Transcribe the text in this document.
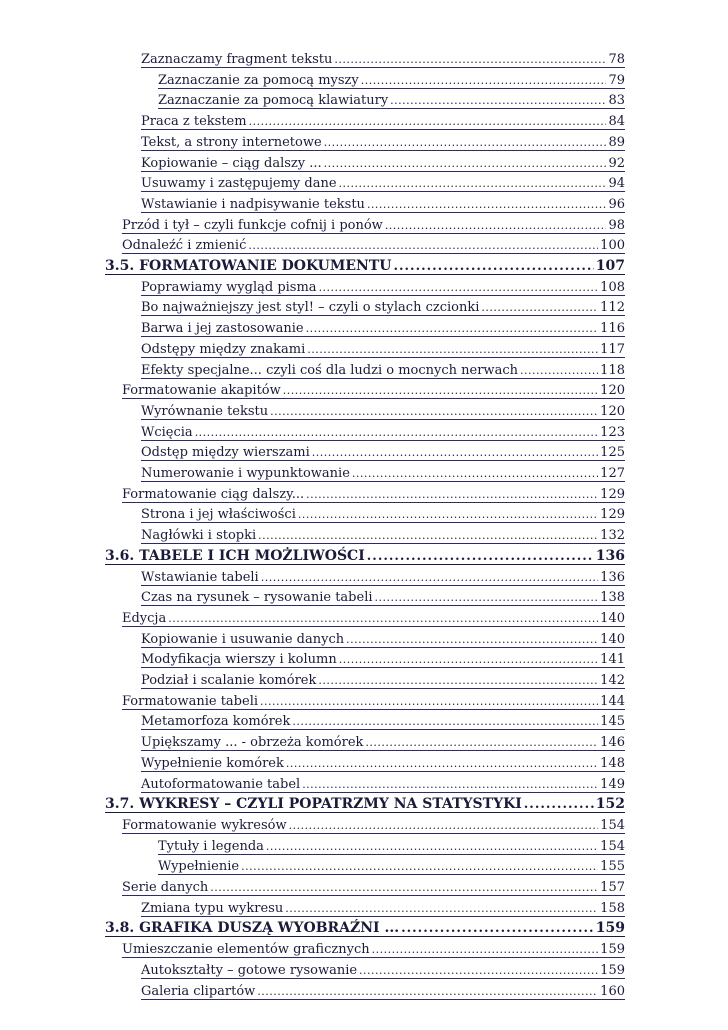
Zaznaczamy fragment tekstu .....	78
Zaznaczanie za pomocą myszy .....	79
Zaznaczanie za pomocą klawiatury .....	83
Praca z tekstem .....	84
Tekst, a strony internetowe .....	89
Kopiowanie – ciąg dalszy ... .....	92
Usuwamy i zastępujemy dane .....	94
Wstawianie i nadpisywanie tekstu .....	96
Przód i tył – czyli funkcje cofnij i ponów .....	98
Odnaleźć i zmienić .....	100
3.5. FORMATOWANIE DOKUMENTU .....	107
Poprawiamy wygląd pisma .....	108
Bo najważniejszy jest styl! – czyli o stylach czcionki .....	112
Barwa i jej zastosowanie .....	116
Odstępy między znakami .....	117
Efekty specjalne... czyli coś dla ludzi o mocnych nerwach .....	118
Formatowanie akapitów .....	120
Wyrównanie tekstu .....	120
Wcięcia .....	123
Odstęp między wierszami .....	125
Numerowanie i wypunktowanie .....	127
Formatowanie ciąg dalszy... .....	129
Strona i jej właściwości .....	129
Nagłówki i stopki .....	132
3.6. TABELE I ICH MOŻLIWOŚCI .....	136
Wstawianie tabeli .....	136
Czas na rysunek – rysowanie tabeli .....	138
Edycja .....	140
Kopiowanie i usuwanie danych .....	140
Modyfikacja wierszy i kolumn .....	141
Podział i scalanie komórek .....	142
Formatowanie tabeli .....	144
Metamorfoza komórek .....	145
Upiększamy ... - obrzeża komórek .....	146
Wypełnienie komórek .....	148
Autoformatowanie tabel .....	149
3.7. WYKRESY – CZYLI POPATRZMY NA STATYSTYKI .....	152
Formatowanie wykresów .....	154
Tytuły i legenda .....	154
Wypełnienie .....	155
Serie danych .....	157
Zmiana typu wykresu .....	158
3.8. GRAFIKA DUSZĄ WYOBRAŹNI ... .....	159
Umieszczanie elementów graficznych .....	159
Autokształty – gotowe rysowanie .....	159
Galeria clipartów .....	160
